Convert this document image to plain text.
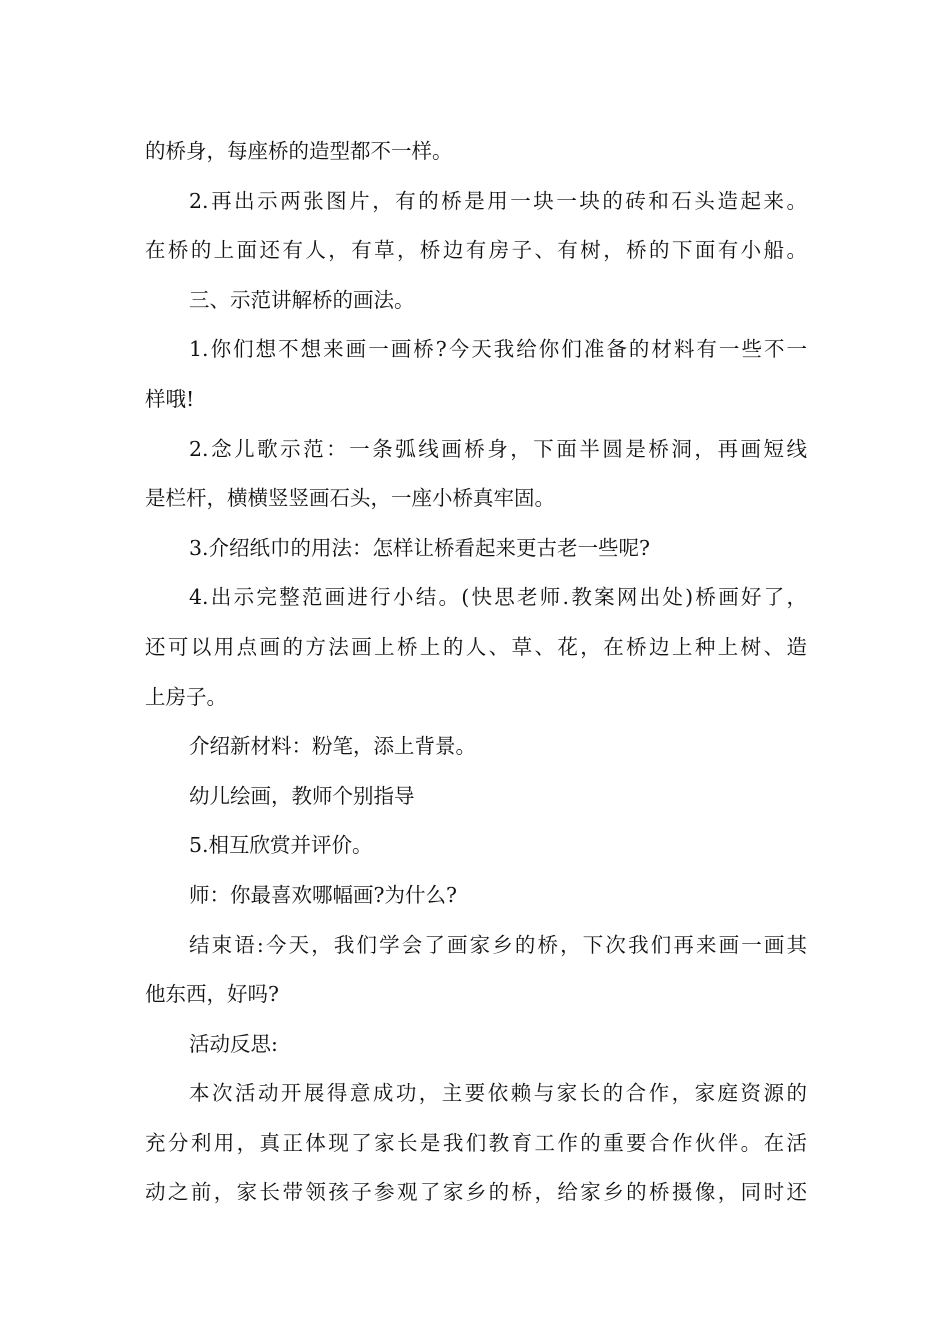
的桥身，每座桥的造型都不一样。
2.再出示两张图片，有的桥是用一块一块的砖和石头造起来。
在桥的上面还有人，有草，桥边有房子、有树，桥的下面有小船。
三、示范讲解桥的画法。
1.你们想不想来画一画桥?今天我给你们准备的材料有一些不一
样哦!
2.念儿歌示范：一条弧线画桥身，下面半圆是桥洞，再画短线
是栏杆，横横竖竖画石头，一座小桥真牢固。
3.介绍纸巾的用法：怎样让桥看起来更古老一些呢?
4.出示完整范画进行小结。(快思老师.教案网出处)桥画好了，
还可以用点画的方法画上桥上的人、草、花，在桥边上种上树、造
上房子。
介绍新材料：粉笔，添上背景。
幼儿绘画，教师个别指导
5.相互欣赏并评价。
师：你最喜欢哪幅画?为什么?
结束语:今天，我们学会了画家乡的桥，下次我们再来画一画其
他东西，好吗?
活动反思:
本次活动开展得意成功，主要依赖与家长的合作，家庭资源的
充分利用，真正体现了家长是我们教育工作的重要合作伙伴。在活
动之前，家长带领孩子参观了家乡的桥，给家乡的桥摄像，同时还
